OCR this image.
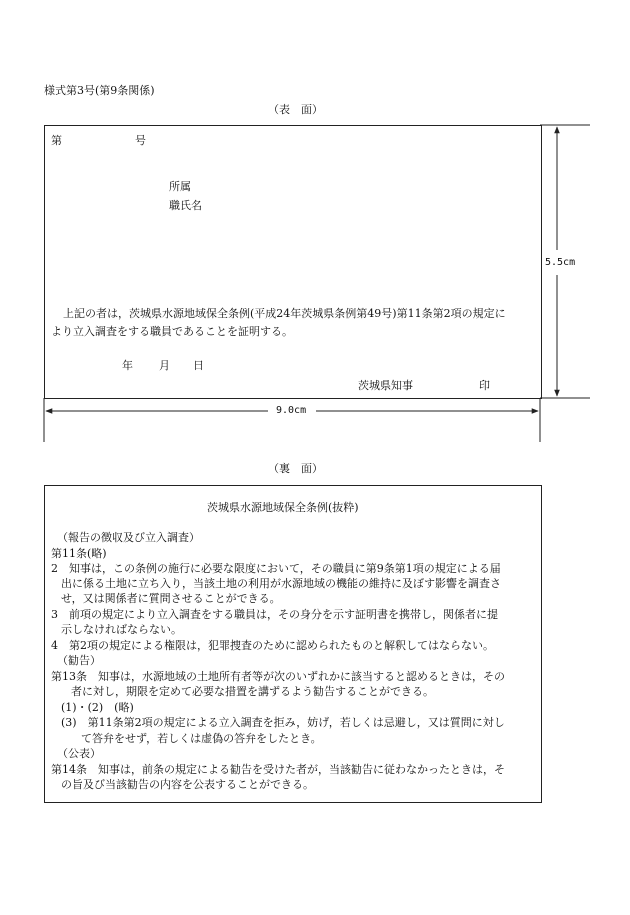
様式第3号(第9条関係)
（表　面）
第	号
所属
職氏名
上記の者は，茨城県水源地域保全条例(平成24年茨城県条例第49号)第11条第2項の規定に
より立入調査をする職員であることを証明する。
年 月 日
茨城県知事	印
5.5cm
9.0cm
（裏　面）

茨城県水源地域保全条例(抜粋)

（報告の徴収及び立入調査）

第11条(略)

2　知事は，この条例の施行に必要な限度において，その職員に第9条第1項の規定による届

出に係る土地に立ち入り，当該土地の利用が水源地域の機能の維持に及ぼす影響を調査さ

せ，又は関係者に質問させることができる。

3　前項の規定により立入調査をする職員は，その身分を示す証明書を携帯し，関係者に提

示しなければならない。

4　第2項の規定による権限は，犯罪捜査のために認められたものと解釈してはならない。

（勧告）

第13条　知事は，水源地域の土地所有者等が次のいずれかに該当すると認めるときは，その

者に対し，期限を定めて必要な措置を講ずるよう勧告することができる。

(1)・(2)　(略)

(3)　第11条第2項の規定による立入調査を拒み，妨げ，若しくは忌避し，又は質問に対し

て答弁をせず，若しくは虚偽の答弁をしたとき。

（公表）

第14条　知事は，前条の規定による勧告を受けた者が，当該勧告に従わなかったときは，そ

の旨及び当該勧告の内容を公表することができる。
